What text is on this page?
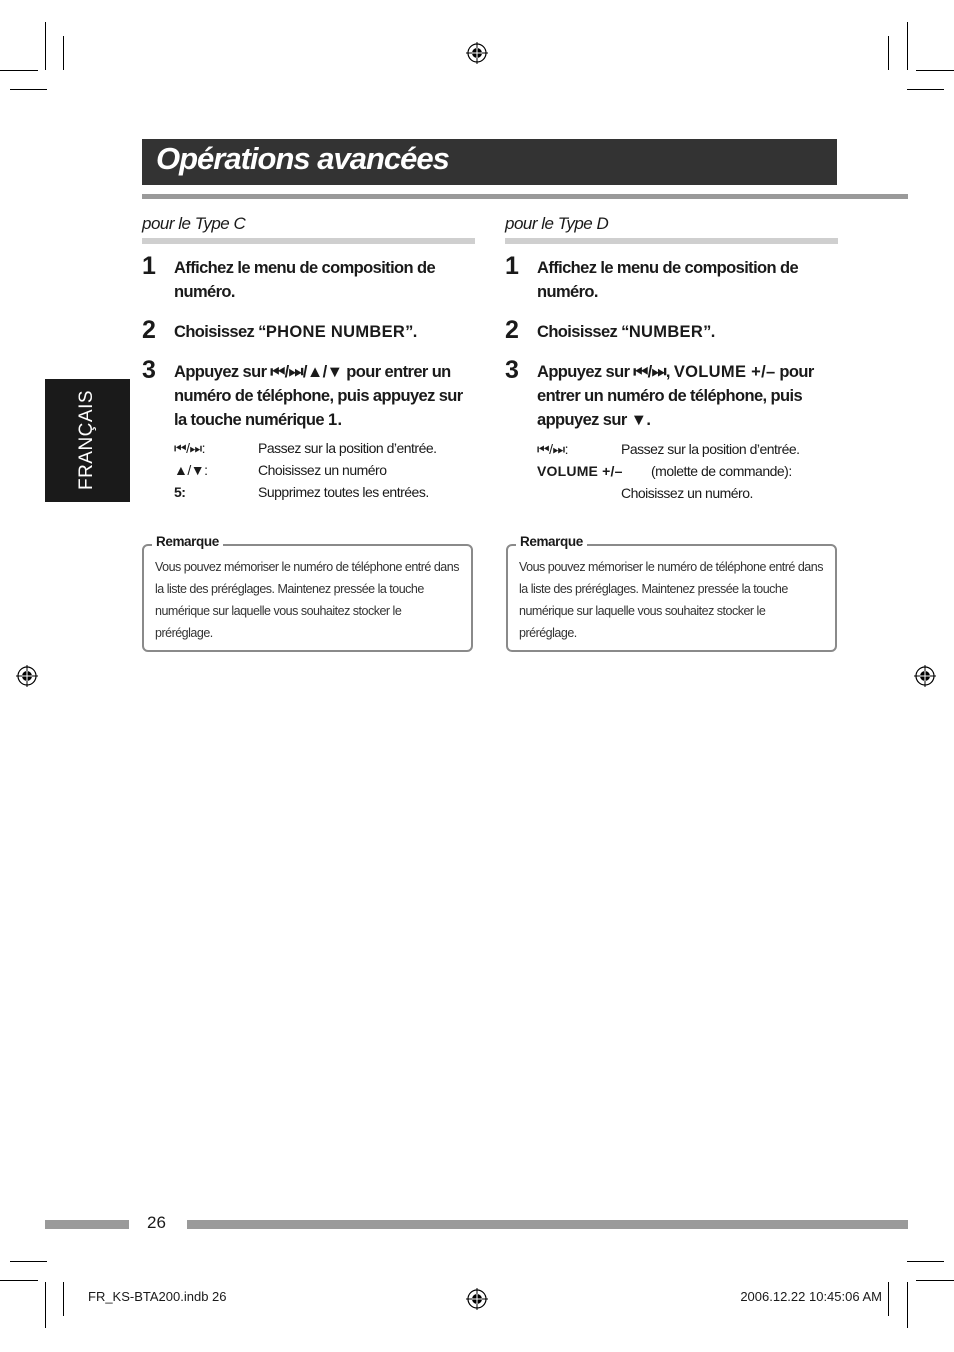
Opérations avancées
FRANÇAIS
pour le Type C
1 Affichez le menu de composition de numéro.
2 Choisissez “PHONE NUMBER”.
3 Appuyez sur ⏮/⏭/▲/▼ pour entrer un numéro de téléphone, puis appuyez sur la touche numérique 1.
⏮/⏭:	Passez sur la position d’entrée.
▲/▼:	Choisissez un numéro
5:	Supprimez toutes les entrées.
Remarque
Vous pouvez mémoriser le numéro de téléphone entré dans la liste des préréglages. Maintenez pressée la touche numérique sur laquelle vous souhaitez stocker le préréglage.
pour le Type D
1 Affichez le menu de composition de numéro.
2 Choisissez “NUMBER”.
3 Appuyez sur ⏮/⏭, VOLUME +/– pour entrer un numéro de téléphone, puis appuyez sur ▼.
⏮/⏭:	Passez sur la position d’entrée.
VOLUME +/– (molette de commande):
Choisissez un numéro.
Remarque
Vous pouvez mémoriser le numéro de téléphone entré dans la liste des préréglages. Maintenez pressée la touche numérique sur laquelle vous souhaitez stocker le préréglage.
26
FR_KS-BTA200.indb 26	2006.12.22 10:45:06 AM
